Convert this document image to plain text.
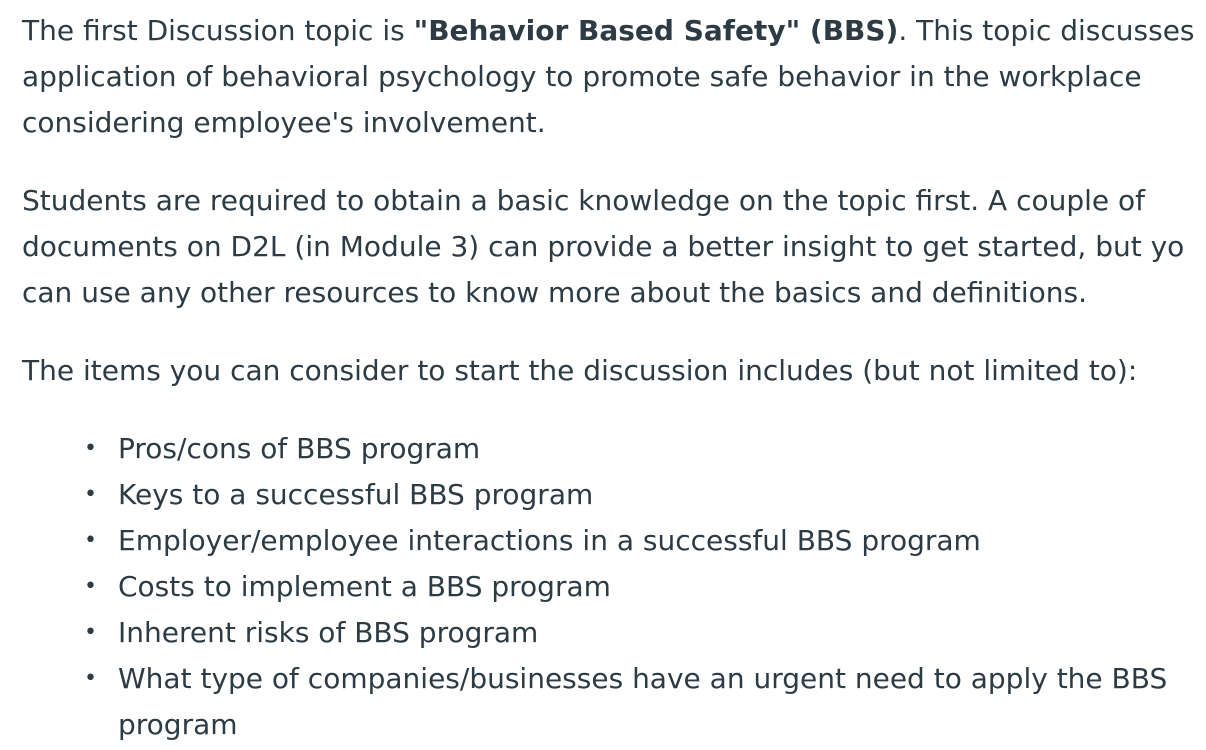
The first Discussion topic is "Behavior Based Safety" (BBS). This topic discusses
application of behavioral psychology to promote safe behavior in the workplace
considering employee's involvement.

Students are required to obtain a basic knowledge on the topic first. A couple of
documents on D2L (in Module 3) can provide a better insight to get started, but yo
can use any other resources to know more about the basics and definitions.

The items you can consider to start the discussion includes (but not limited to):

• Pros/cons of BBS program
• Keys to a successful BBS program
• Employer/employee interactions in a successful BBS program
• Costs to implement a BBS program
• Inherent risks of BBS program
• What type of companies/businesses have an urgent need to apply the BBS
program
